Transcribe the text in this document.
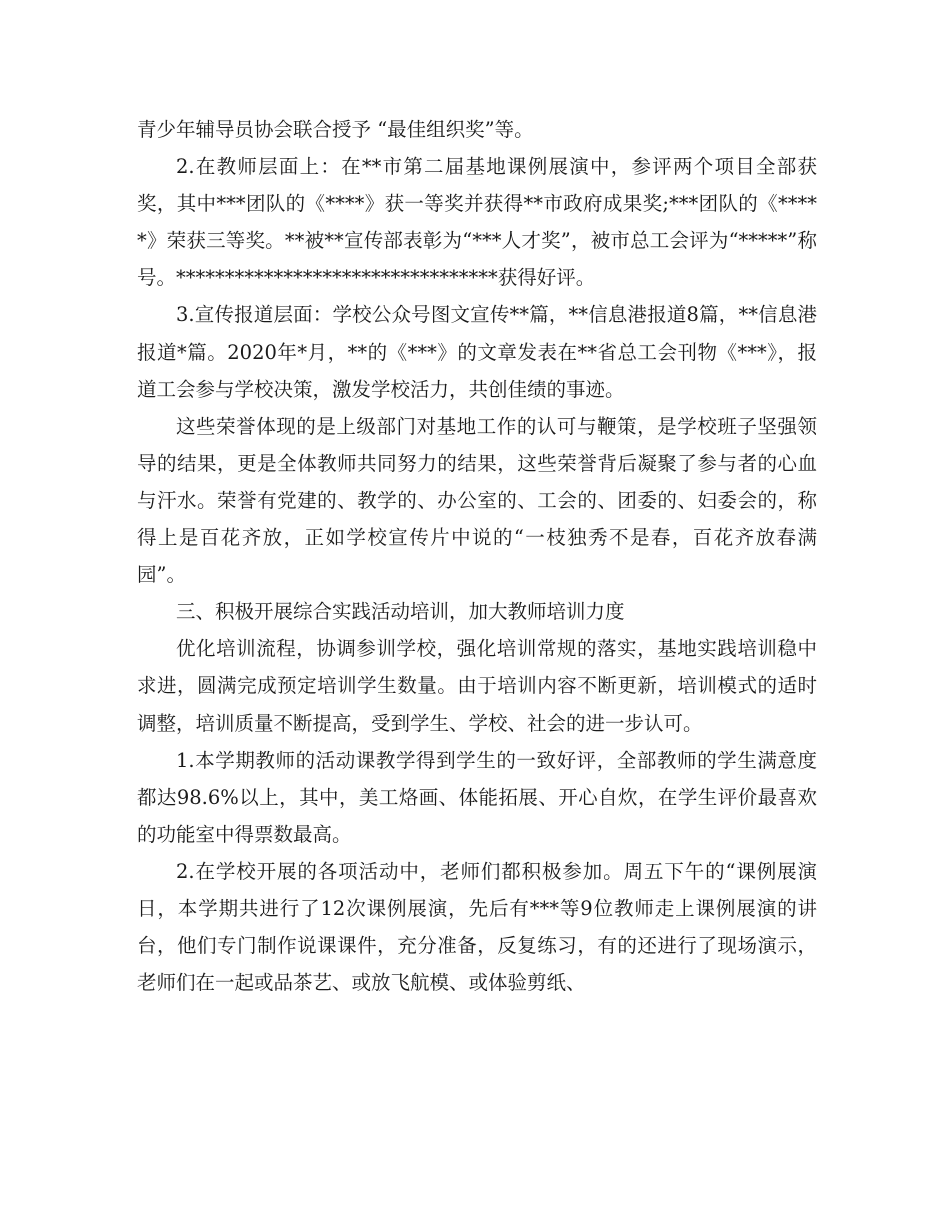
青少年辅导员协会联合授予 “最佳组织奖”等。

2.在教师层面上：在**市第二届基地课例展演中，参评两个项目全部获奖，其中***团队的《****》获一等奖并获得**市政府成果奖;***团队的《*****》荣获三等奖。**被**宣传部表彰为“***人才奖”，被市总工会评为“*****”称号。*********************************获得好评。

3.宣传报道层面：学校公众号图文宣传**篇，**信息港报道8篇，**信息港报道*篇。2020年*月，**的《***》的文章发表在**省总工会刊物《***》，报道工会参与学校决策，激发学校活力，共创佳绩的事迹。

这些荣誉体现的是上级部门对基地工作的认可与鞭策，是学校班子坚强领导的结果，更是全体教师共同努力的结果，这些荣誉背后凝聚了参与者的心血与汗水。荣誉有党建的、教学的、办公室的、工会的、团委的、妇委会的，称得上是百花齐放，正如学校宣传片中说的“一枝独秀不是春，百花齐放春满园”。

三、积极开展综合实践活动培训，加大教师培训力度

优化培训流程，协调参训学校，强化培训常规的落实，基地实践培训稳中求进，圆满完成预定培训学生数量。由于培训内容不断更新，培训模式的适时调整，培训质量不断提高，受到学生、学校、社会的进一步认可。

1.本学期教师的活动课教学得到学生的一致好评，全部教师的学生满意度都达98.6%以上，其中，美工烙画、体能拓展、开心自炊，在学生评价最喜欢的功能室中得票数最高。

2.在学校开展的各项活动中，老师们都积极参加。周五下午的“课例展演日，本学期共进行了12次课例展演，先后有***等9位教师走上课例展演的讲台，他们专门制作说课课件，充分准备，反复练习，有的还进行了现场演示，老师们在一起或品茶艺、或放飞航模、或体验剪纸、
